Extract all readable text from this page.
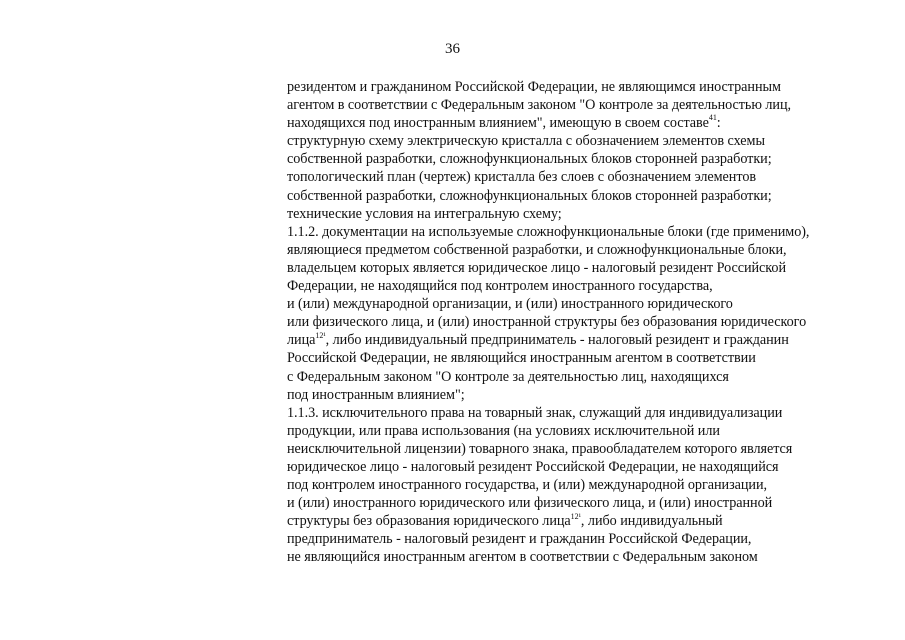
36
резидентом и гражданином Российской Федерации, не являющимся иностранным
агентом в соответствии с Федеральным законом "О контроле за деятельностью лиц,
находящихся под иностранным влиянием", имеющую в своем составе$^{41}$:
структурную схему электрическую кристалла с обозначением элементов схемы
собственной разработки, сложнофункциональных блоков сторонней разработки;
топологический план (чертеж) кристалла без слоев с обозначением элементов
собственной разработки, сложнофункциональных блоков сторонней разработки;
технические условия на интегральную схему;
1.1.2. документации на используемые сложнофункциональные блоки (где применимо),
являющиеся предметом собственной разработки, и сложнофункциональные блоки,
владельцем которых является юридическое лицо - налоговый резидент Российской
Федерации, не находящийся под контролем иностранного государства,
и (или) международной организации, и (или) иностранного юридического
или физического лица, и (или) иностранной структуры без образования юридического
лица$^{12^1}$, либо индивидуальный предприниматель - налоговый резидент и гражданин
Российской Федерации, не являющийся иностранным агентом в соответствии
с Федеральным законом "О контроле за деятельностью лиц, находящихся
под иностранным влиянием";
1.1.3. исключительного права на товарный знак, служащий для индивидуализации
продукции, или права использования (на условиях исключительной или
неисключительной лицензии) товарного знака, правообладателем которого является
юридическое лицо - налоговый резидент Российской Федерации, не находящийся
под контролем иностранного государства, и (или) международной организации,
и (или) иностранного юридического или физического лица, и (или) иностранной
структуры без образования юридического лица$^{12^1}$, либо индивидуальный
предприниматель - налоговый резидент и гражданин Российской Федерации,
не являющийся иностранным агентом в соответствии с Федеральным законом
